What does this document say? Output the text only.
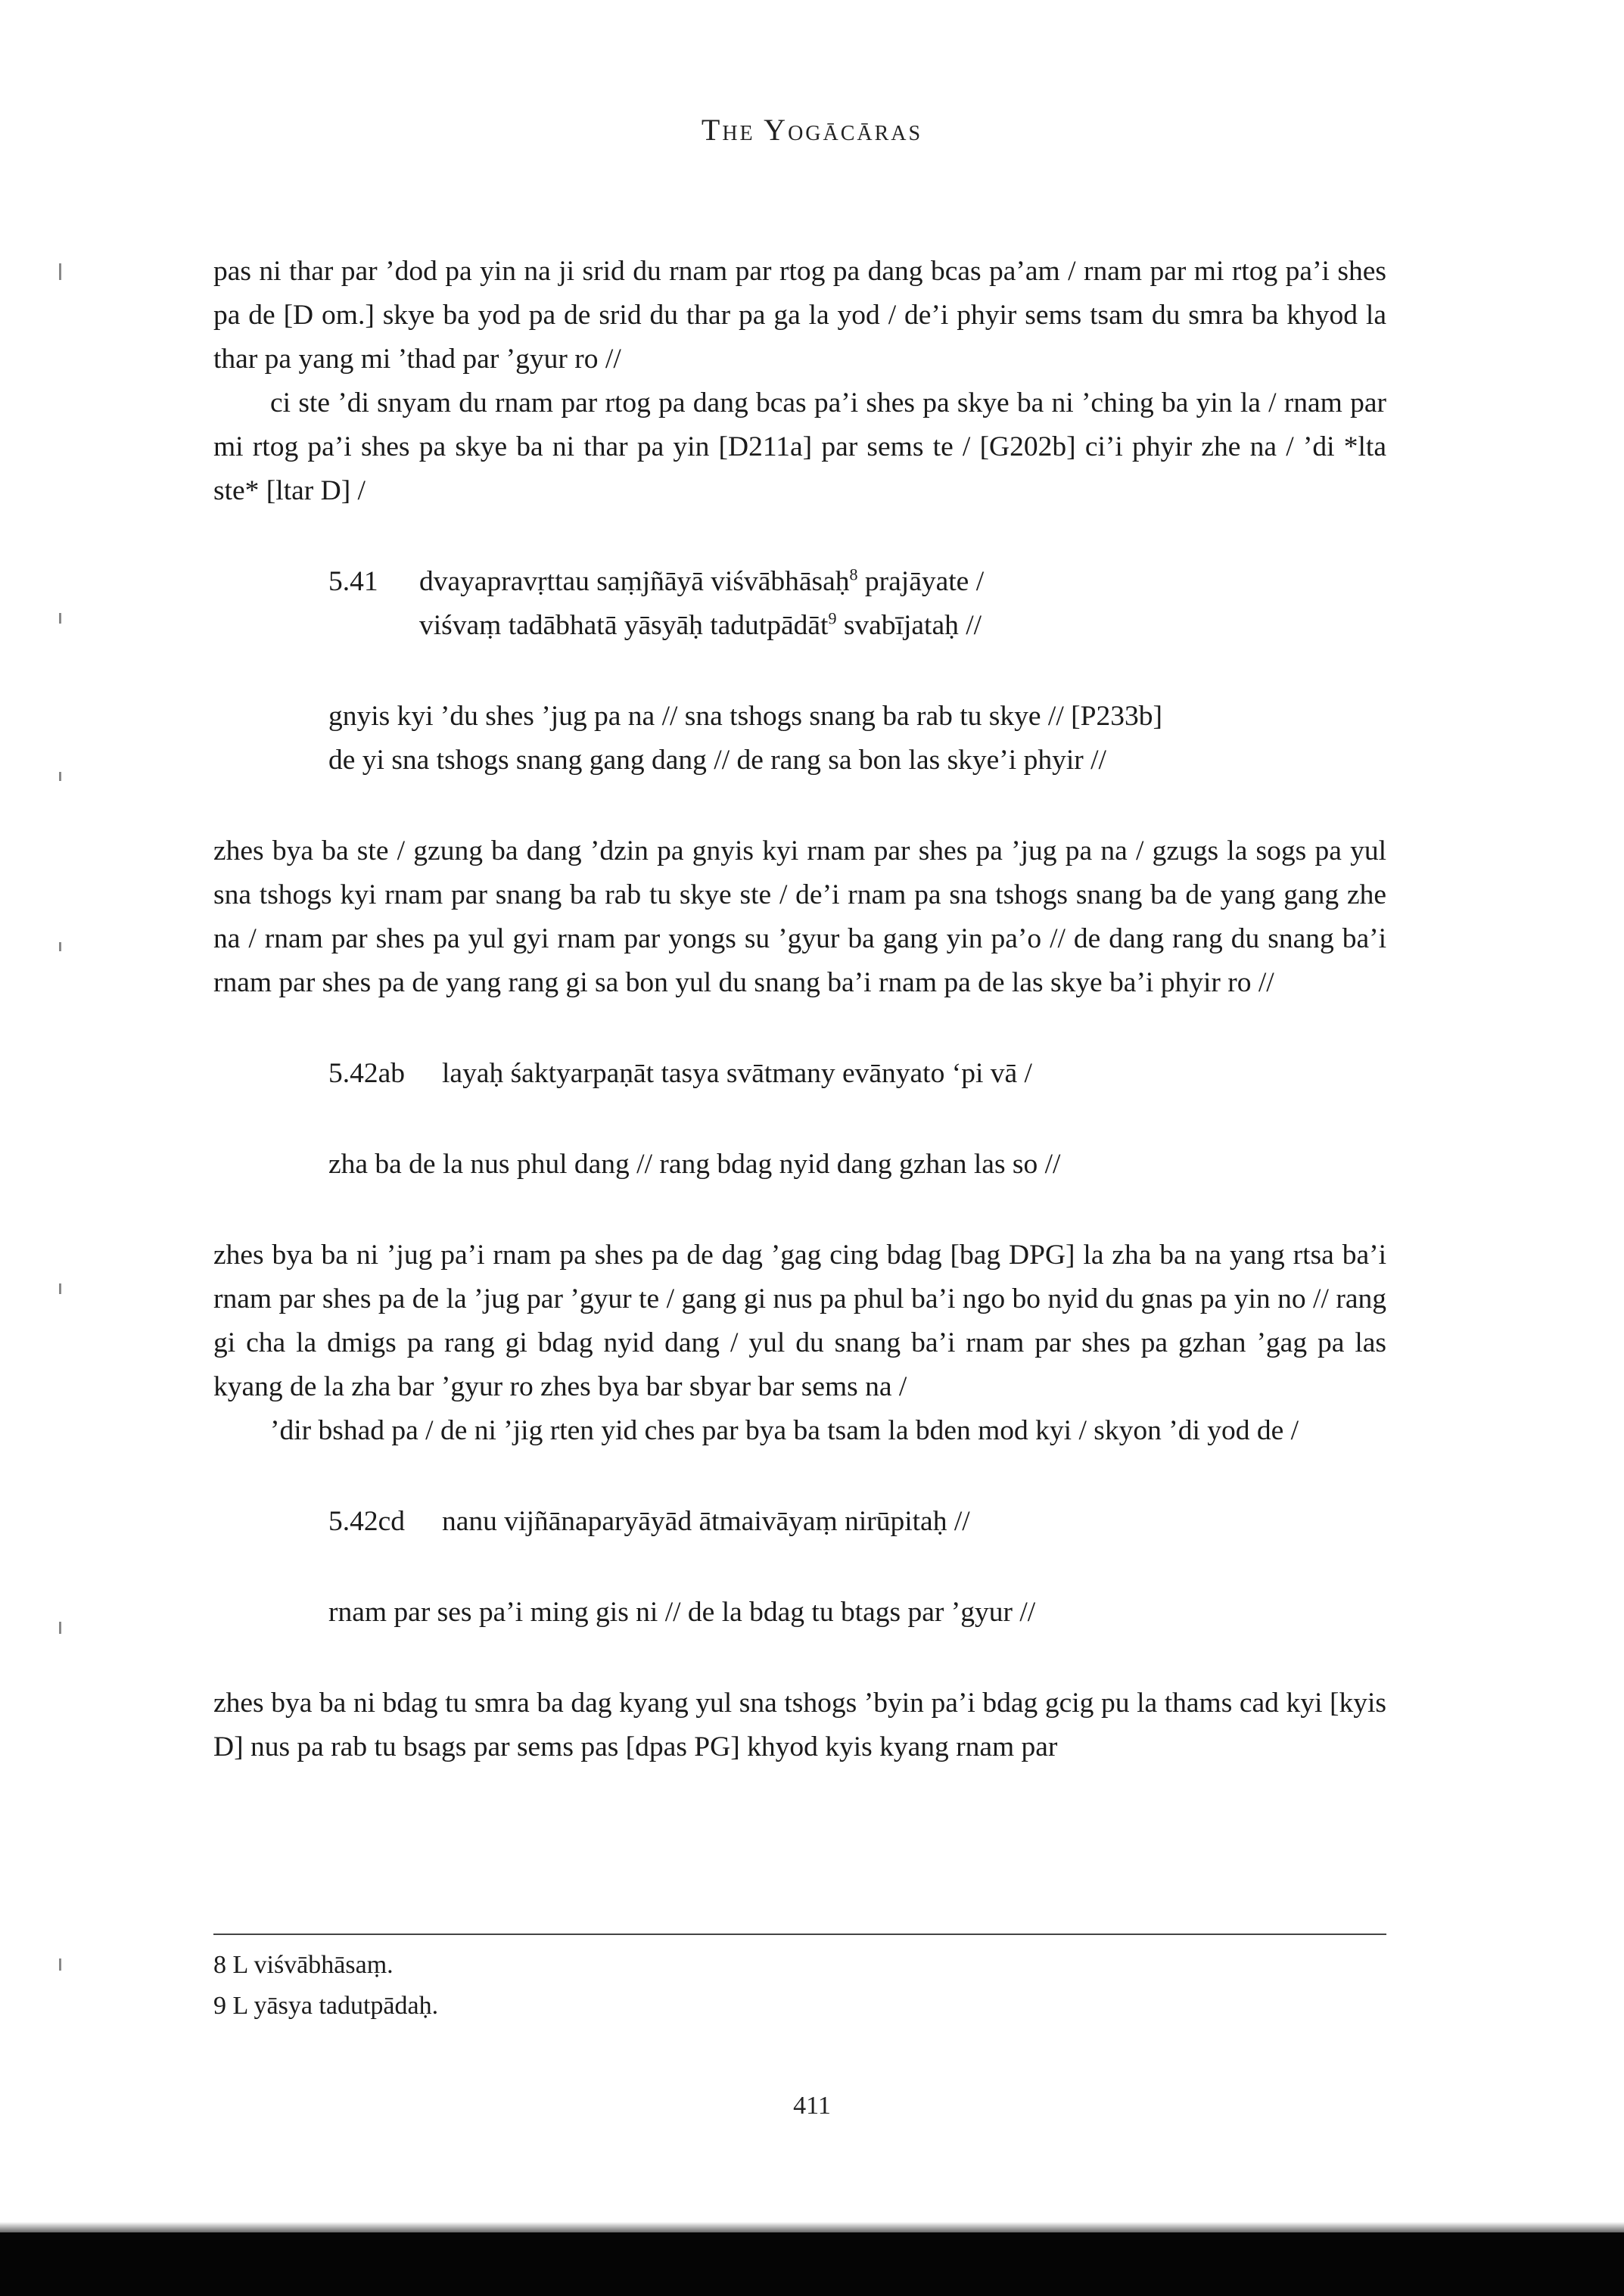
The Yogācāras

pas ni thar par ’dod pa yin na ji srid du rnam par rtog pa dang bcas pa’am / rnam par mi rtog pa’i shes pa de [D om.] skye ba yod pa de srid du thar pa ga la yod / de’i phyir sems tsam du smra ba khyod la thar pa yang mi ’thad par ’gyur ro //

ci ste ’di snyam du rnam par rtog pa dang bcas pa’i shes pa skye ba ni ’ching ba yin la / rnam par mi rtog pa’i shes pa skye ba ni thar pa yin [D211a] par sems te / [G202b] ci’i phyir zhe na / ’di *lta ste* [ltar D] /

5.41	dvayapravṛttau saṃjñāyā viśvābhāsaḥ$^8$ prajāyate /
viśvaṃ tadābhatā yāsyāḥ tadutpādāt$^9$ svabījataḥ //
gnyis kyi ’du shes ’jug pa na // sna tshogs snang ba rab tu skye // [P233b]
de yi sna tshogs snang gang dang // de rang sa bon las skye’i phyir //

zhes bya ba ste / gzung ba dang ’dzin pa gnyis kyi rnam par shes pa ’jug pa na / gzugs la sogs pa yul sna tshogs kyi rnam par snang ba rab tu skye ste / de’i rnam pa sna tshogs snang ba de yang gang zhe na / rnam par shes pa yul gyi rnam par yongs su ’gyur ba gang yin pa’o // de dang rang du snang ba’i rnam par shes pa de yang rang gi sa bon yul du snang ba’i rnam pa de las skye ba’i phyir ro //

5.42ab	layaḥ śaktyarpaṇāt tasya svātmany evānyato ‘pi vā /
zha ba de la nus phul dang // rang bdag nyid dang gzhan las so //

zhes bya ba ni ’jug pa’i rnam pa shes pa de dag ’gag cing bdag [bag DPG] la zha ba na yang rtsa ba’i rnam par shes pa de la ’jug par ’gyur te / gang gi nus pa phul ba’i ngo bo nyid du gnas pa yin no // rang gi cha la dmigs pa rang gi bdag nyid dang / yul du snang ba’i rnam par shes pa gzhan ’gag pa las kyang de la zha bar ’gyur ro zhes bya bar sbyar bar sems na /

’dir bshad pa / de ni ’jig rten yid ches par bya ba tsam la bden mod kyi / skyon ’di yod de /

5.42cd	nanu vijñānaparyāyād ātmaivāyaṃ nirūpitaḥ //
rnam par ses pa’i ming gis ni // de la bdag tu btags par ’gyur //

zhes bya ba ni bdag tu smra ba dag kyang yul sna tshogs ’byin pa’i bdag gcig pu la thams cad kyi [kyis D] nus pa rab tu bsags par sems pas [dpas PG] khyod kyis kyang rnam par

8 L viśvābhāsaṃ.
9 L yāsya tadutpādaḥ.
411
